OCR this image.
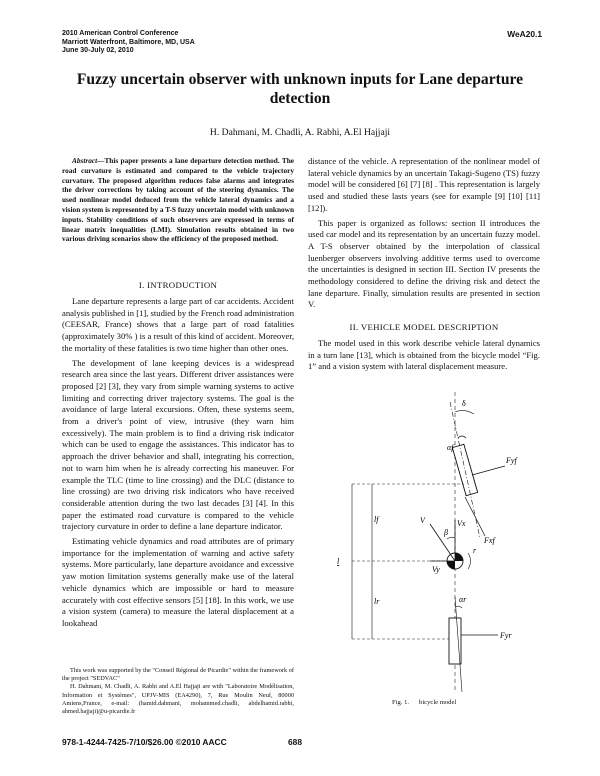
2010 American Control Conference
Marriott Waterfront, Baltimore, MD, USA
June 30-July 02, 2010
WeA20.1
Fuzzy uncertain observer with unknown inputs for Lane departure detection
H. Dahmani, M. Chadli, A. Rabhi, A.El Hajjaji
Abstract—This paper presents a lane departure detection method. The road curvature is estimated and compared to the vehicle trajectory curvature. The proposed algorithm reduces false alarms and integrates the driver corrections by taking account of the steering dynamics. The used nonlinear model deduced from the vehicle lateral dynamics and a vision system is represented by a T-S fuzzy uncertain model with unknown inputs. Stability conditions of such observers are expressed in terms of linear matrix inequalities (LMI). Simulation results obtained in two various driving scenarios show the efficiency of the proposed method.
I. INTRODUCTION

Lane departure represents a large part of car accidents. Accident analysis published in [1], studied by the French road administration (CEESAR, France) shows that a large part of road fatalities (approximately 30% ) is a result of this kind of accident. Moreover, the mortality of these fatalities is two time higher than other ones.

The development of lane keeping devices is a widespread research area since the last years. Different driver assistances were proposed [2] [3], they vary from simple warning systems to active limiting and correcting driver trajectory systems. The goal is the avoidance of large lateral excursions. Often, these systems seem, from a driver's point of view, intrusive (they warn him excessively). The main problem is to find a driving risk indicator which can be used to engage the assistances. This indicator has to approach the driver behavior and shall, integrating his correction, not to warn him when he is already correcting his maneuver. For example the TLC (time to line crossing) and the DLC (distance to line crossing) are two driving risk indicators who have received considerable attention during the two last decades [3] [4]. In this paper the estimated road curvature is compared to the vehicle trajectory curvature in order to define a lane departure indicator.

Estimating vehicle dynamics and road attributes are of primary importance for the implementation of warning and active safety systems. More particularly, lane departure avoidance and excessive yaw motion limitation systems generally make use of the lateral vehicle dynamics which are impossible or hard to measure accurately with cost effective sensors [5] [18]. In this work, we use a vision system (camera) to measure the lateral displacement at a lookahead

This work was supported by the "Conseil Régional de Picardie" within the framework of the project "SEDVAC"
H. Dahmani, M. Chadli, A. Rabhi and A.El Hajjaji are with "Laboratoire Modélisation, Information et Systèmes", UPJV-MIS (EA4290), 7, Rue Moulin Neuf, 80000 Amiens,France, e-mail: (hamid.dahmani, mohammed.chadli, abdelhamid.rabhi, ahmed.hajjaji)@u-picardie.fr

distance of the vehicle. A representation of the nonlinear model of lateral vehicle dynamics by an uncertain Takagi-Sugeno (TS) fuzzy model will be considered [6] [7] [8] . This representation is largely used and studied these lasts years (see for example [9] [10] [11] [12]).

This paper is organized as follows: section II introduces the used car model and its representation by an uncertain fuzzy model. A T-S observer obtained by the interpolation of classical luenberger observers involving additive terms used to overcome the uncertainties is designed in section III. Section IV presents the methodology considered to define the driving risk and detect the lane departure. Finally, simulation results are presented in section V.

II. VEHICLE MODEL DESCRIPTION

The model used in this work describe vehicle lateral dynamics in a turn lane [13], which is obtained from the bicycle model “Fig. 1” and a vision system with lateral displacement measure.

δ
αf
Fyf
Fxf
lf
l
lr
V	Vx
Vy
β
r
αr
Fyr
Fig. 1. bicycle model
978-1-4244-7425-7/10/$26.00 ©2010 AACC	688
